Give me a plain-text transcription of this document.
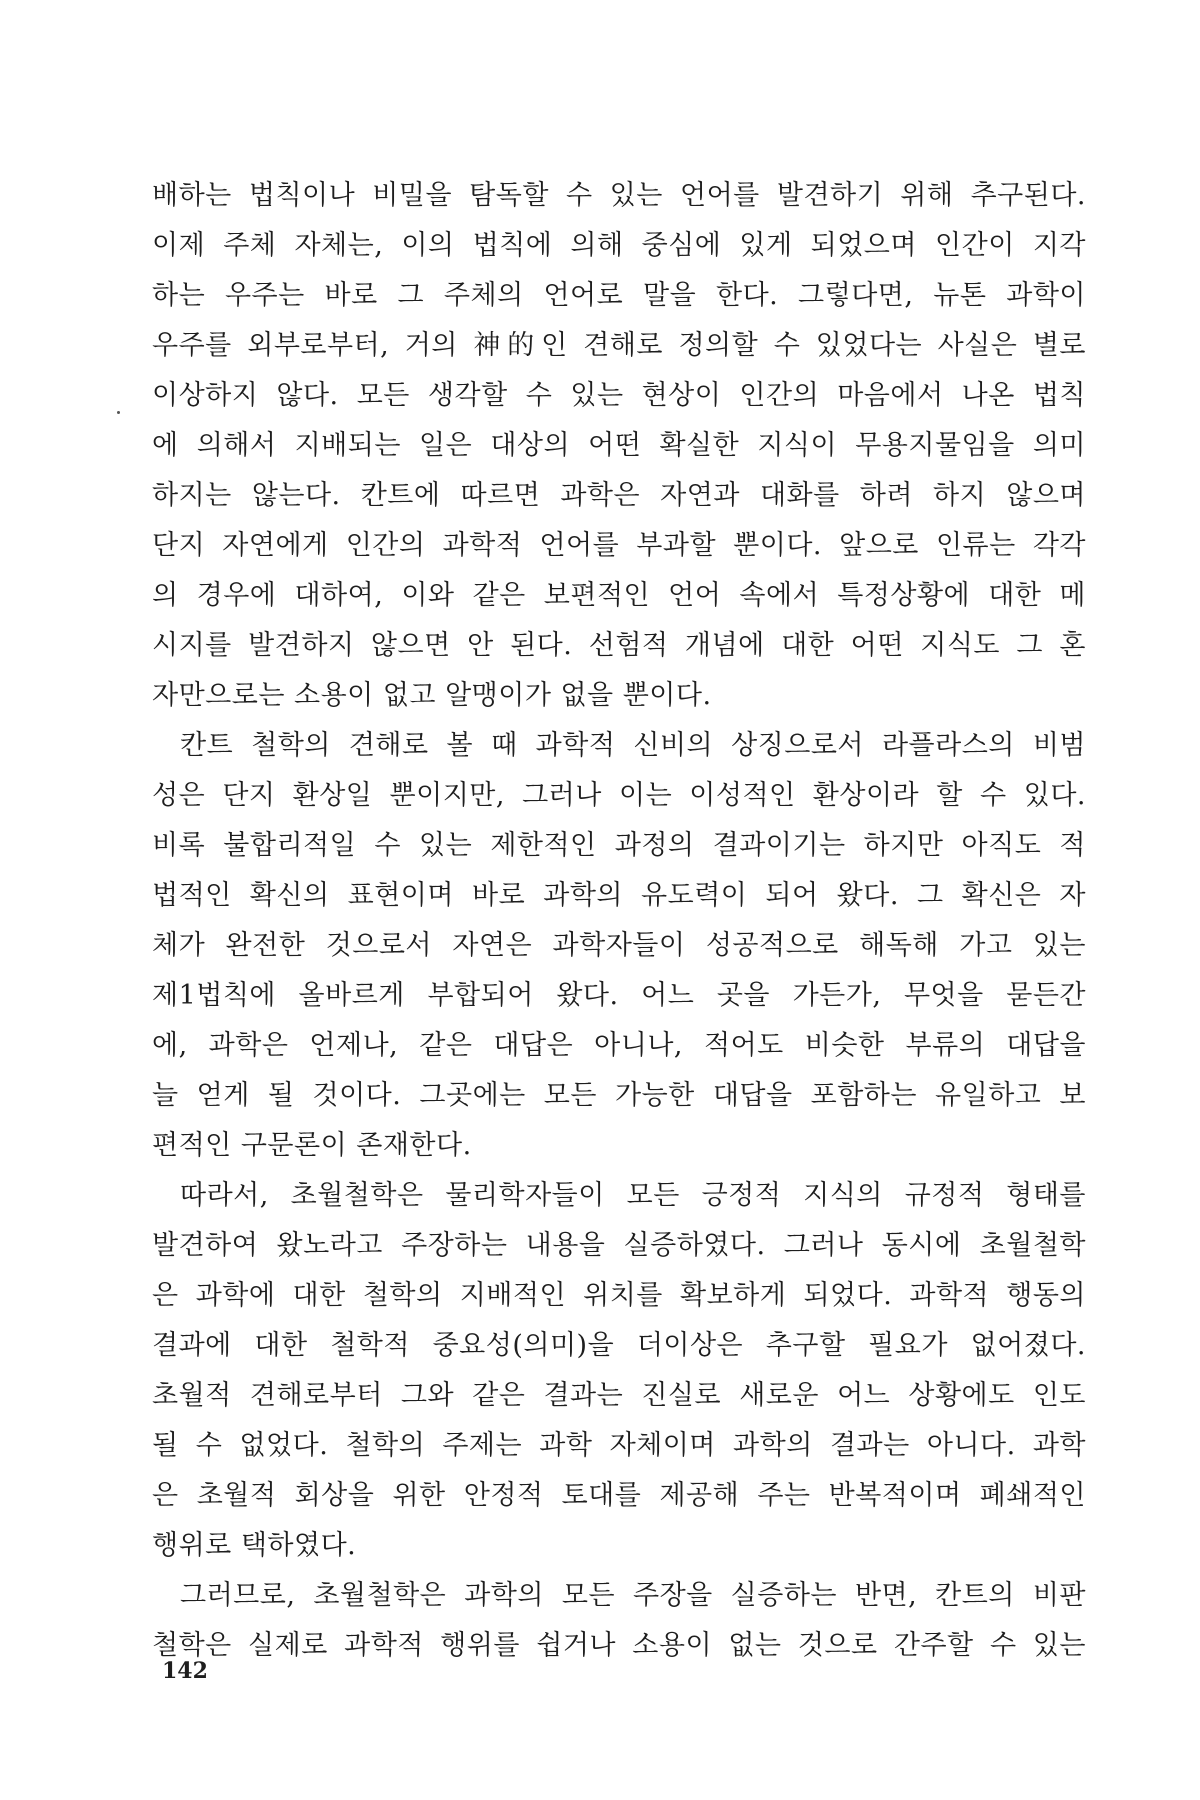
배하는 법칙이나 비밀을 탐독할 수 있는 언어를 발견하기 위해 추구된다.
이제 주체 자체는, 이의 법칙에 의해 중심에 있게 되었으며 인간이 지각
하는 우주는 바로 그 주체의 언어로 말을 한다. 그렇다면, 뉴톤 과학이
우주를 외부로부터, 거의 神的인 견해로 정의할 수 있었다는 사실은 별로
이상하지 않다. 모든 생각할 수 있는 현상이 인간의 마음에서 나온 법칙
에 의해서 지배되는 일은 대상의 어떤 확실한 지식이 무용지물임을 의미
하지는 않는다. 칸트에 따르면 과학은 자연과 대화를 하려 하지 않으며
단지 자연에게 인간의 과학적 언어를 부과할 뿐이다. 앞으로 인류는 각각
의 경우에 대하여, 이와 같은 보편적인 언어 속에서 특정상황에 대한 메
시지를 발견하지 않으면 안 된다. 선험적 개념에 대한 어떤 지식도 그 혼
자만으로는 소용이 없고 알맹이가 없을 뿐이다.
칸트 철학의 견해로 볼 때 과학적 신비의 상징으로서 라플라스의 비범
성은 단지 환상일 뿐이지만, 그러나 이는 이성적인 환상이라 할 수 있다.
비록 불합리적일 수 있는 제한적인 과정의 결과이기는 하지만 아직도 적
법적인 확신의 표현이며 바로 과학의 유도력이 되어 왔다. 그 확신은 자
체가 완전한 것으로서 자연은 과학자들이 성공적으로 해독해 가고 있는
제1법칙에 올바르게 부합되어 왔다. 어느 곳을 가든가, 무엇을 묻든간
에, 과학은 언제나, 같은 대답은 아니나, 적어도 비슷한 부류의 대답을
늘 얻게 될 것이다. 그곳에는 모든 가능한 대답을 포함하는 유일하고 보
편적인 구문론이 존재한다.
따라서, 초월철학은 물리학자들이 모든 긍정적 지식의 규정적 형태를
발견하여 왔노라고 주장하는 내용을 실증하였다. 그러나 동시에 초월철학
은 과학에 대한 철학의 지배적인 위치를 확보하게 되었다. 과학적 행동의
결과에 대한 철학적 중요성(의미)을 더이상은 추구할 필요가 없어졌다.
초월적 견해로부터 그와 같은 결과는 진실로 새로운 어느 상황에도 인도
될 수 없었다. 철학의 주제는 과학 자체이며 과학의 결과는 아니다. 과학
은 초월적 회상을 위한 안정적 토대를 제공해 주는 반복적이며 폐쇄적인
행위로 택하였다.
그러므로, 초월철학은 과학의 모든 주장을 실증하는 반면, 칸트의 비판
철학은 실제로 과학적 행위를 쉽거나 소용이 없는 것으로 간주할 수 있는
142
